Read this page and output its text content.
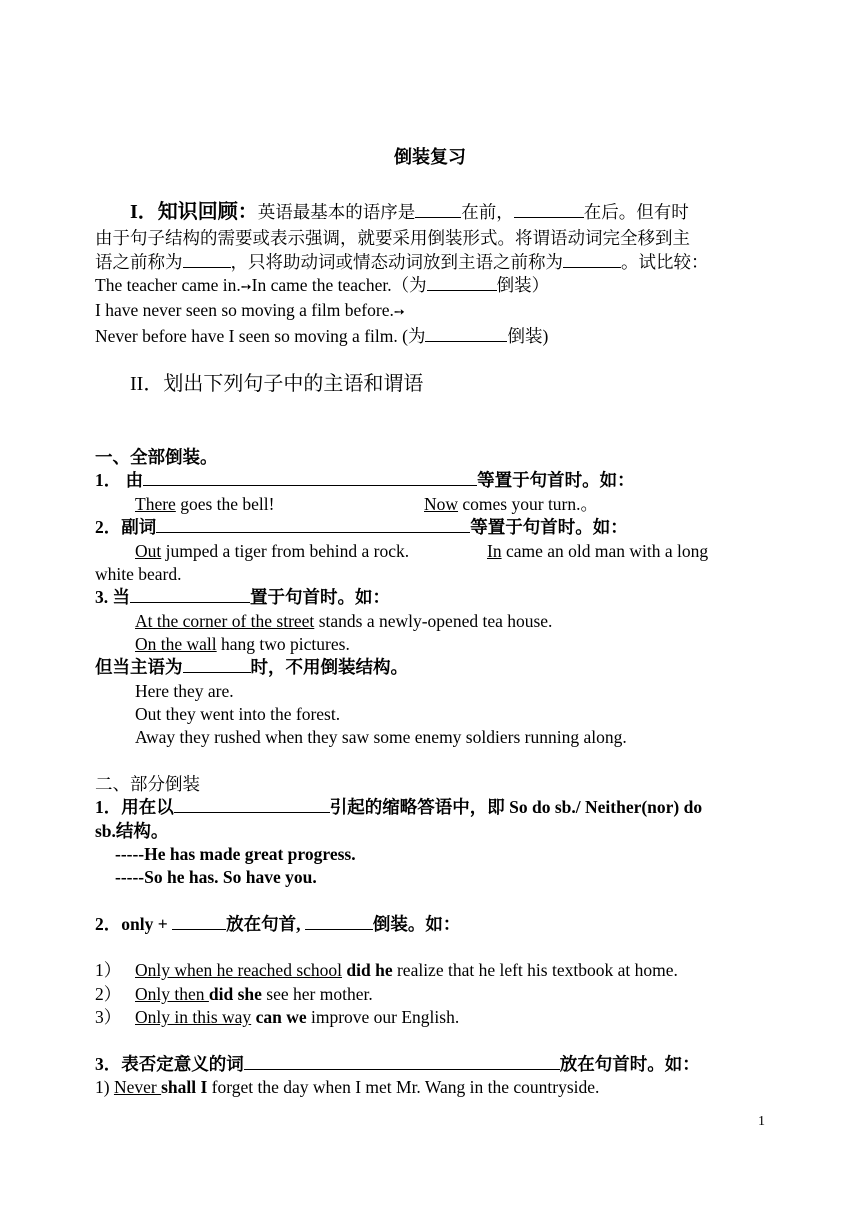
倒装复习
I．知识回顾：英语最基本的语序是	在前，	在后。但有时
由于句子结构的需要或表示强调，就要采用倒装形式。将谓语动词完全移到主
语之前称为	，只将助动词或情态动词放到主语之前称为	。试比较：
The teacher came in.➙In came the teacher.（为	倒装）
I have never seen so moving a film before.➙
Never before have I seen so moving a film. (为	倒装)
II．划出下列句子中的主语和谓语
一、全部倒装。
1． 由	等置于句首时。如：
There goes the bell!	Now comes your turn.。
2．副词	等置于句首时。如：
Out jumped a tiger from behind a rock.	In came an old man with a long
white beard.
3. 当	置于句首时。如：
At the corner of the street stands a newly-opened tea house.
On the wall hang two pictures.
但当主语为	时，不用倒装结构。
Here they are.
Out they went into the forest.
Away they rushed when they saw some enemy soldiers running along.
二、部分倒装
1．用在以	引起的缩略答语中，即 So do sb./ Neither(nor) do
sb.结构。
-----He has made great progress.
-----So he has. So have you.
2．only +	放在句首,	倒装。如：
1） Only when he reached school did he realize that he left his textbook at home.
2） Only then did she see her mother.
3） Only in this way can we improve our English.
3．表否定意义的词	放在句首时。如：
1) Never shall I forget the day when I met Mr. Wang in the countryside.
1
